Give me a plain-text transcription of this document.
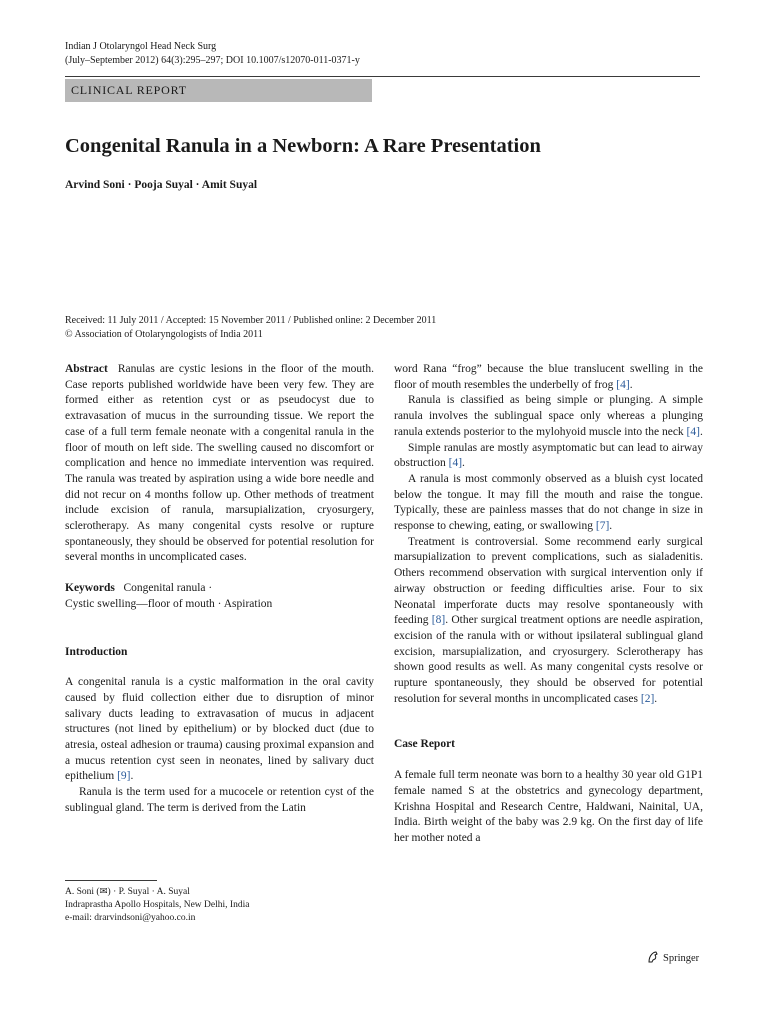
Indian J Otolaryngol Head Neck Surg
(July–September 2012) 64(3):295–297; DOI 10.1007/s12070-011-0371-y
CLINICAL REPORT
Congenital Ranula in a Newborn: A Rare Presentation
Arvind Soni · Pooja Suyal · Amit Suyal
Received: 11 July 2011 / Accepted: 15 November 2011 / Published online: 2 December 2011
© Association of Otolaryngologists of India 2011

Abstract Ranulas are cystic lesions in the floor of the mouth. Case reports published worldwide have been very few. They are formed either as retention cyst or as pseudocyst due to extravasation of mucus in the surrounding tissue. We report the case of a full term female neonate with a congenital ranula in the floor of mouth on left side. The swelling caused no discomfort or complication and hence no immediate intervention was required. The ranula was treated by aspiration using a wide bore needle and did not recur on 4 months follow up. Other methods of treatment include excision of ranula, marsupialization, cryosurgery, sclerotherapy. As many congenital cysts resolve or rupture spontaneously, they should be observed for potential resolution for several months in uncomplicated cases.

Keywords Congenital ranula ·
Cystic swelling—floor of mouth · Aspiration

Introduction

A congenital ranula is a cystic malformation in the oral cavity caused by fluid collection either due to disruption of minor salivary ducts leading to extravasation of mucus in adjacent structures (not lined by epithelium) or by blocked duct (due to atresia, osteal adhesion or trauma) causing proximal expansion and a mucus retention cyst seen in neonates, lined by salivary duct epithelium [9].

Ranula is the term used for a mucocele or retention cyst of the sublingual gland. The term is derived from the Latin

word Rana “frog” because the blue translucent swelling in the floor of mouth resembles the underbelly of frog [4].

Ranula is classified as being simple or plunging. A simple ranula involves the sublingual space only whereas a plunging ranula extends posterior to the mylohyoid muscle into the neck [4].

Simple ranulas are mostly asymptomatic but can lead to airway obstruction [4].

A ranula is most commonly observed as a bluish cyst located below the tongue. It may fill the mouth and raise the tongue. Typically, these are painless masses that do not change in size in response to chewing, eating, or swallowing [7].

Treatment is controversial. Some recommend early surgical marsupialization to prevent complications, such as sialadenitis. Others recommend observation with surgical intervention only if airway obstruction or feeding difficulties arise. Four to six Neonatal imperforate ducts may resolve spontaneously with feeding [8]. Other surgical treatment options are needle aspiration, excision of the ranula with or without ipsilateral sublingual gland excision, marsupialization, and cryosurgery. Sclerotherapy has shown good results as well. As many congenital cysts resolve or rupture spontaneously, they should be observed for potential resolution for several months in uncomplicated cases [2].

Case Report

A female full term neonate was born to a healthy 30 year old G1P1 female named S at the obstetrics and gynecology department, Krishna Hospital and Research Centre, Haldwani, Nainital, UA, India. Birth weight of the baby was 2.9 kg. On the first day of life her mother noted a

A. Soni (✉) · P. Suyal · A. Suyal
Indraprastha Apollo Hospitals, New Delhi, India
e-mail: drarvindsoni@yahoo.co.in
Springer
